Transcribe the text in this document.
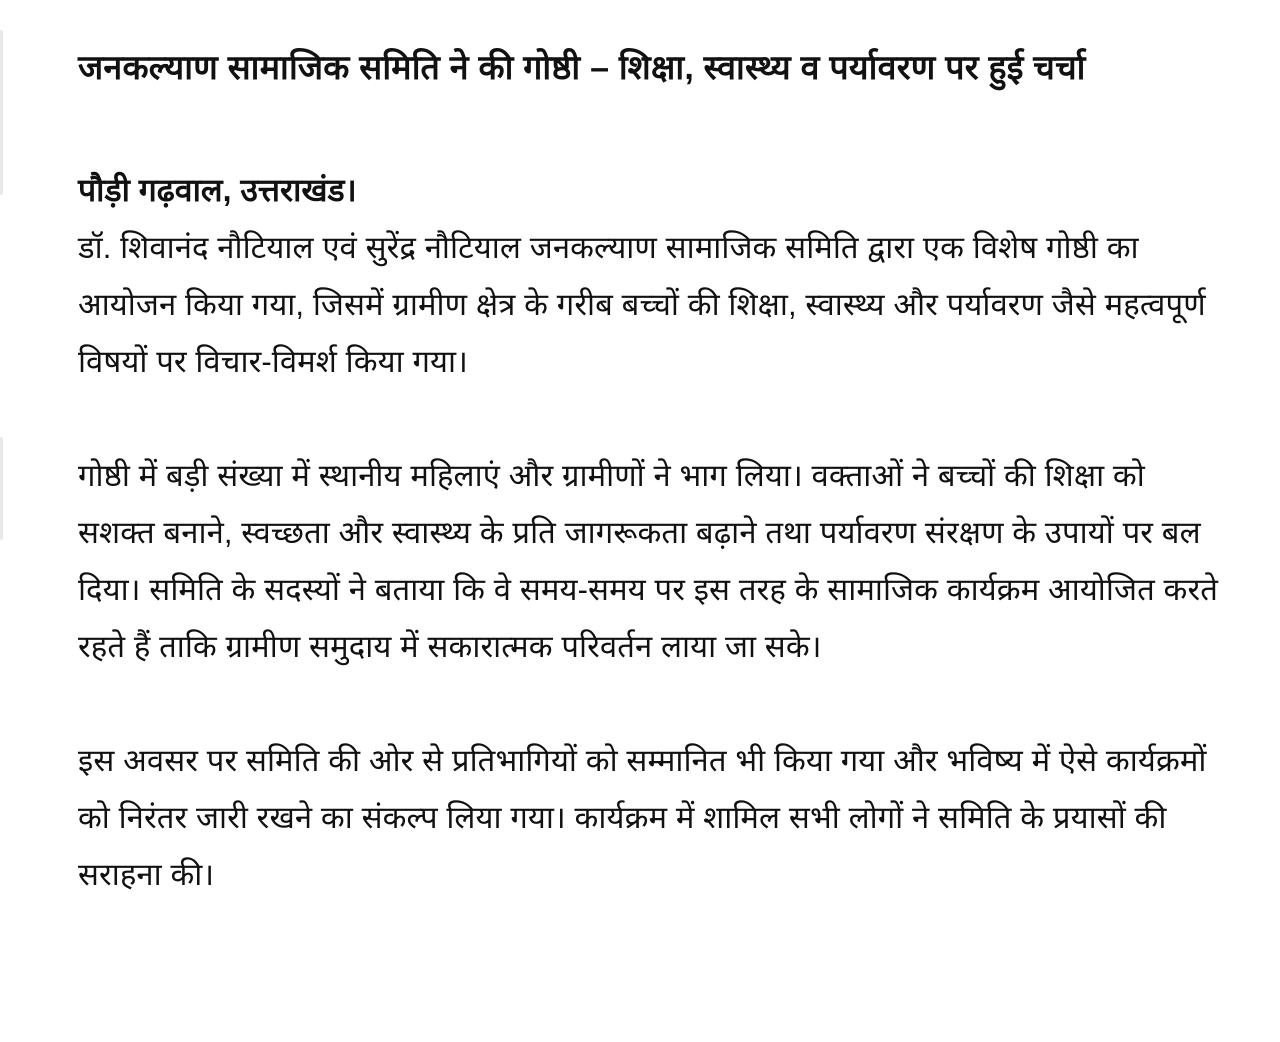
जनकल्याण सामाजिक समिति ने की गोष्ठी – शिक्षा, स्वास्थ्य व पर्यावरण पर हुई चर्चा

पौड़ी गढ़वाल, उत्तराखंड।

डॉ. शिवानंद नौटियाल एवं सुरेंद्र नौटियाल जनकल्याण सामाजिक समिति द्वारा एक विशेष गोष्ठी का आयोजन किया गया, जिसमें ग्रामीण क्षेत्र के गरीब बच्चों की शिक्षा, स्वास्थ्य और पर्यावरण जैसे महत्वपूर्ण विषयों पर विचार-विमर्श किया गया।

गोष्ठी में बड़ी संख्या में स्थानीय महिलाएं और ग्रामीणों ने भाग लिया। वक्ताओं ने बच्चों की शिक्षा को सशक्त बनाने, स्वच्छता और स्वास्थ्य के प्रति जागरूकता बढ़ाने तथा पर्यावरण संरक्षण के उपायों पर बल दिया। समिति के सदस्यों ने बताया कि वे समय-समय पर इस तरह के सामाजिक कार्यक्रम आयोजित करते रहते हैं ताकि ग्रामीण समुदाय में सकारात्मक परिवर्तन लाया जा सके।

इस अवसर पर समिति की ओर से प्रतिभागियों को सम्मानित भी किया गया और भविष्य में ऐसे कार्यक्रमों को निरंतर जारी रखने का संकल्प लिया गया। कार्यक्रम में शामिल सभी लोगों ने समिति के प्रयासों की सराहना की।
